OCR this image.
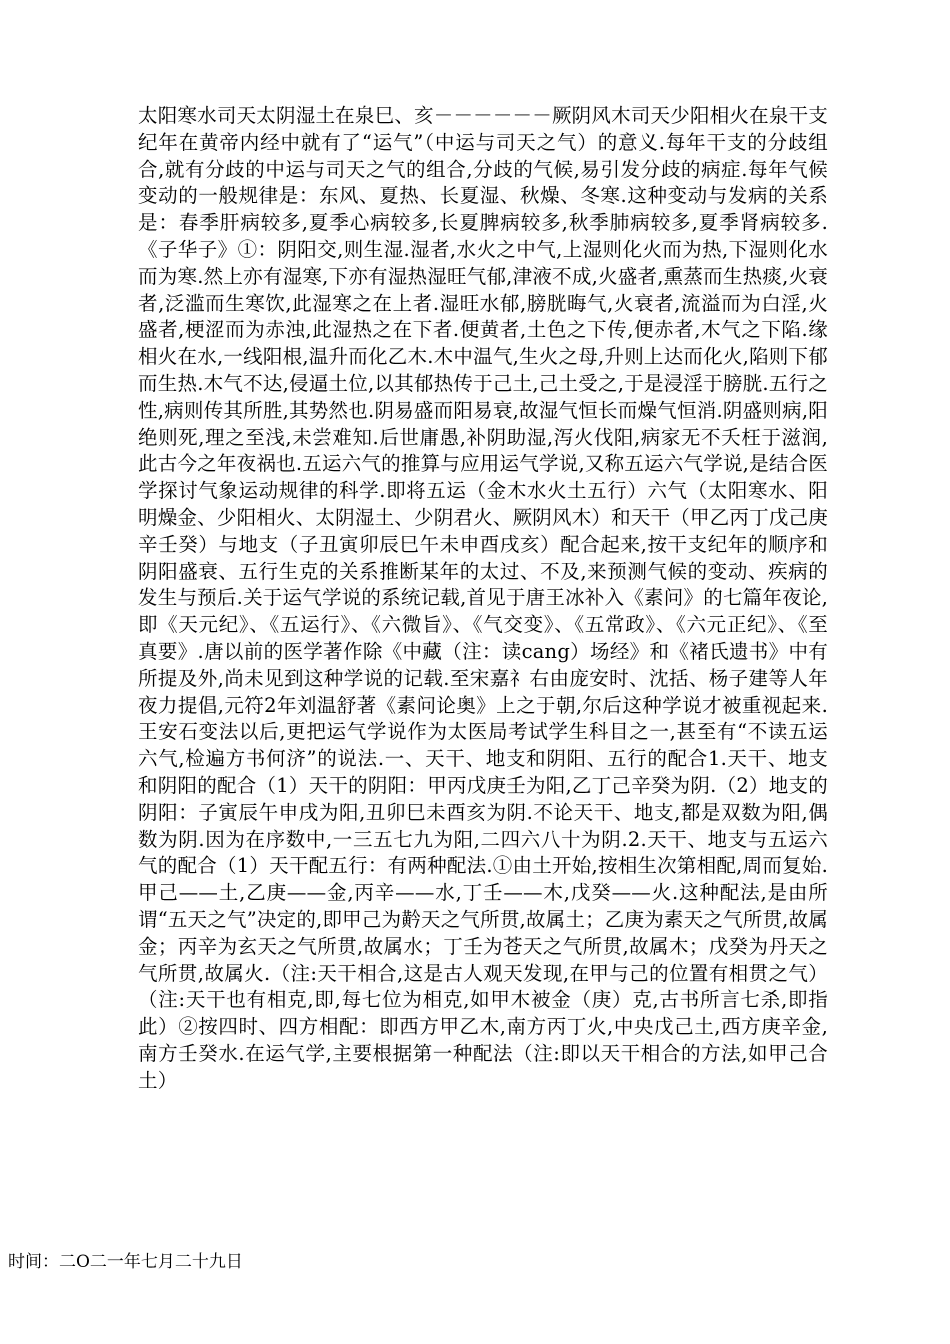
太阳寒水司天太阴湿土在泉巳、亥－－－－－－厥阴风木司天少阳相火在泉干支纪年在黄帝内经中就有了“运气”（中运与司天之气）的意义.每年干支的分歧组合,就有分歧的中运与司天之气的组合,分歧的气候,易引发分歧的病症.每年气候变动的一般规律是：东风、夏热、长夏湿、秋燥、冬寒.这种变动与发病的关系是：春季肝病较多,夏季心病较多,长夏脾病较多,秋季肺病较多,夏季肾病较多.《子华子》①：阴阳交,则生湿.湿者,水火之中气,上湿则化火而为热,下湿则化水而为寒.然上亦有湿寒,下亦有湿热湿旺气郁,津液不成,火盛者,熏蒸而生热痰,火衰者,泛滥而生寒饮,此湿寒之在上者.湿旺水郁,膀胱晦气,火衰者,流溢而为白淫,火盛者,梗涩而为赤浊,此湿热之在下者.便黄者,土色之下传,便赤者,木气之下陷.缘相火在水,一线阳根,温升而化乙木.木中温气,生火之母,升则上达而化火,陷则下郁而生热.木气不达,侵逼土位,以其郁热传于己土,己土受之,于是浸淫于膀胱.五行之性,病则传其所胜,其势然也.阴易盛而阳易衰,故湿气恒长而燥气恒消.阴盛则病,阳绝则死,理之至浅,未尝难知.后世庸愚,补阴助湿,泻火伐阳,病家无不夭枉于滋润,此古今之年夜祸也.五运六气的推算与应用运气学说,又称五运六气学说,是结合医学探讨气象运动规律的科学.即将五运（金木水火土五行）六气（太阳寒水、阳明燥金、少阳相火、太阴湿土、少阴君火、厥阴风木）和天干（甲乙丙丁戊己庚辛壬癸）与地支（子丑寅卯辰巳午未申酉戌亥）配合起来,按干支纪年的顺序和阴阳盛衰、五行生克的关系推断某年的太过、不及,来预测气候的变动、疾病的发生与预后.关于运气学说的系统记载,首见于唐王冰补入《素问》的七篇年夜论,即《天元纪》、《五运行》、《六微旨》、《气交变》、《五常政》、《六元正纪》、《至真要》.唐以前的医学著作除《中藏（注：读cang）场经》和《褚氏遗书》中有所提及外,尚未见到这种学说的记载.至宋嘉礻右由庞安时、沈括、杨子建等人年夜力提倡,元符2年刘温舒著《素问论奥》上之于朝,尔后这种学说才被重视起来.王安石变法以后,更把运气学说作为太医局考试学生科目之一,甚至有“不读五运六气,检遍方书何济”的说法.一、天干、地支和阴阳、五行的配合1.天干、地支和阴阳的配合（1）天干的阴阳：甲丙戊庚壬为阳,乙丁己辛癸为阴.（2）地支的阴阳：子寅辰午申戌为阳,丑卯巳未酉亥为阴.不论天干、地支,都是双数为阳,偶数为阴.因为在序数中,一三五七九为阳,二四六八十为阴.2.天干、地支与五运六气的配合（1）天干配五行：有两种配法.①由土开始,按相生次第相配,周而复始.甲己——土,乙庚——金,丙辛——水,丁壬——木,戊癸——火.这种配法,是由所谓“五天之气”决定的,即甲己为黅天之气所贯,故属土；乙庚为素天之气所贯,故属金；丙辛为玄天之气所贯,故属水；丁壬为苍天之气所贯,故属木；戊癸为丹天之气所贯,故属火.（注:天干相合,这是古人观天发现,在甲与己的位置有相贯之气）（注:天干也有相克,即,每七位为相克,如甲木被金（庚）克,古书所言七杀,即指此）②按四时、四方相配：即西方甲乙木,南方丙丁火,中央戊己土,西方庚辛金,南方壬癸水.在运气学,主要根据第一种配法（注:即以天干相合的方法,如甲己合土）

时间：二O二一年七月二十九日
